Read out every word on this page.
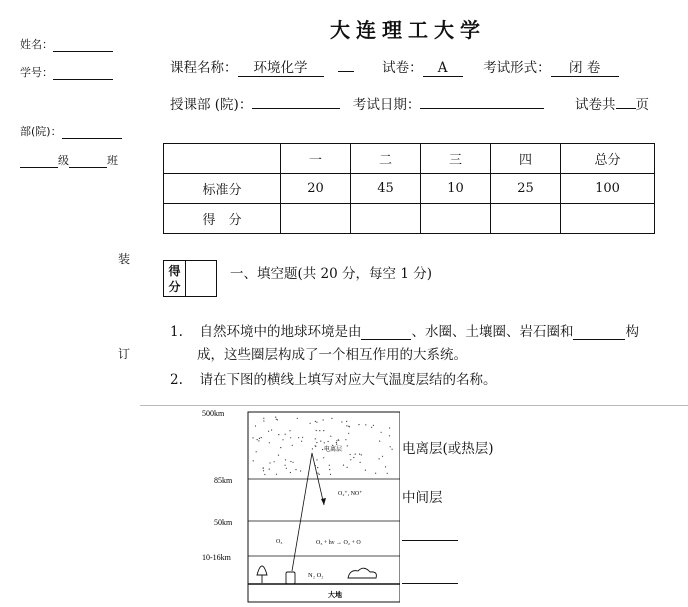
姓名：
学号：
部(院)：
级	班
装
订
大连理工大学
课程名称： 环境化学	试卷： A	考试形式： 闭 卷
授课部 (院)：	考试日期：	试卷共 页
	一	二	三	四	总分
标准分	20	45	10	25	100
得　分					
得
分
一、填空题(共 20 分，每空 1 分)
1. 自然环境中的地球环境是由	、水圈、土壤圈、岩石圈和	构
成，这些圈层构成了一个相互作用的大系统。
2. 请在下图的横线上填写对应大气温度层结的名称。
500km
85km
50km
10-16km
电离层
O₂⁺, NO⁺
O₃	O₃ + hν → O₂ + O
N₂ O₂
大地
电离层(或热层)
中间层
